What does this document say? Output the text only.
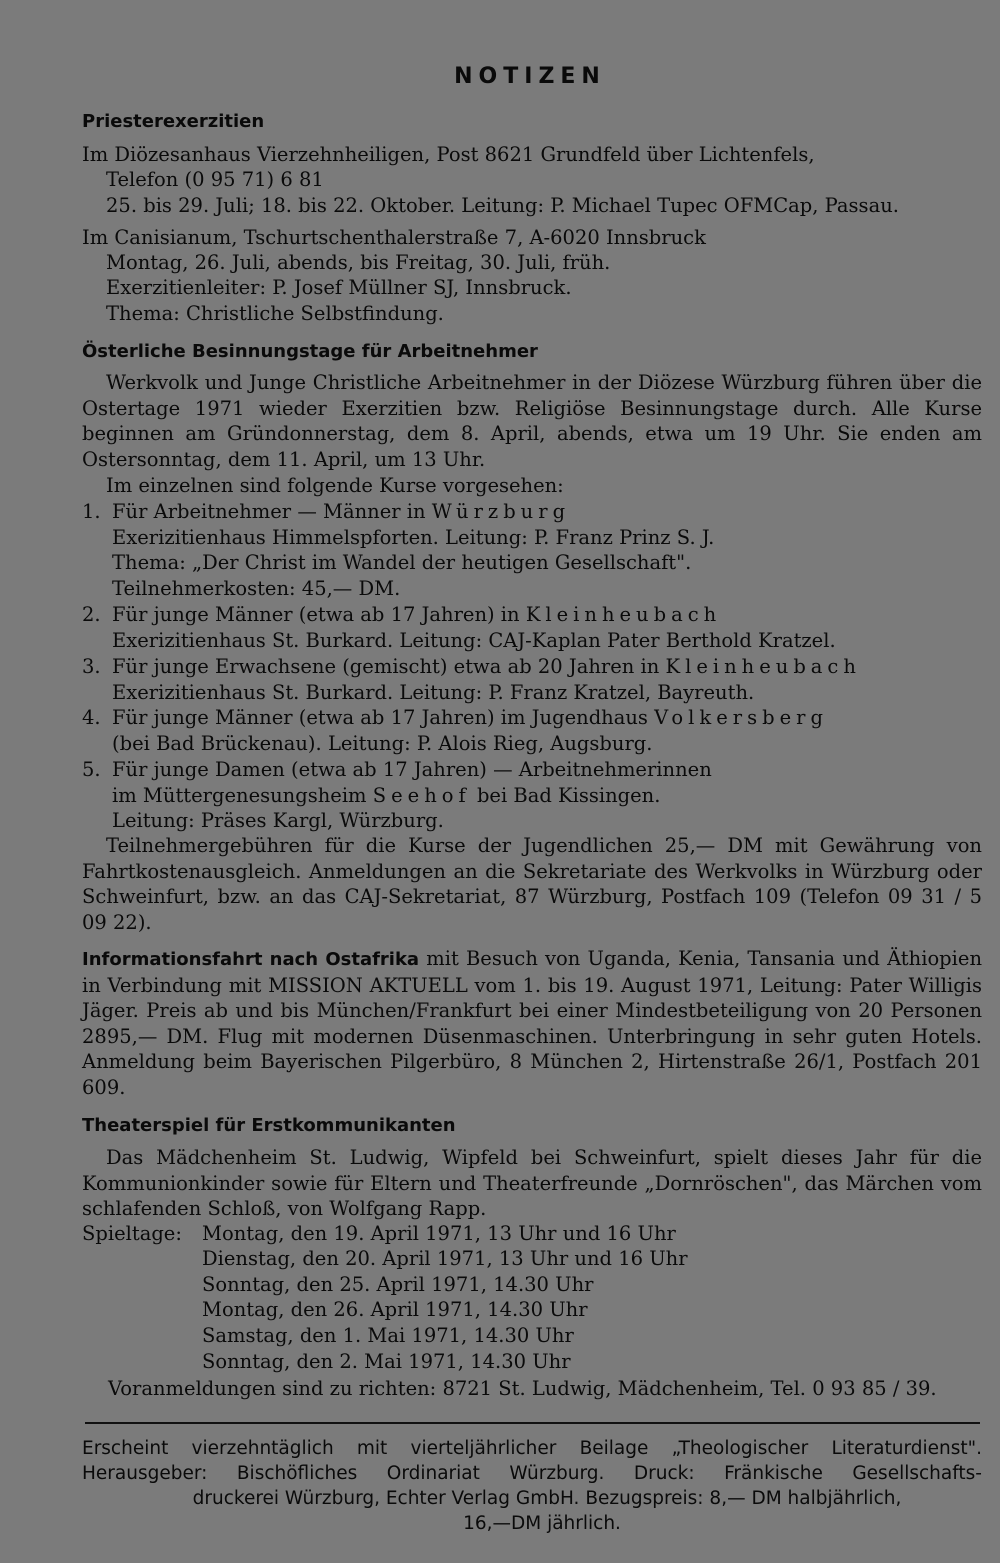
NOTIZEN
Priesterexerzitien
Im Diözesanhaus Vierzehnheiligen, Post 8621 Grundfeld über Lichtenfels,
Telefon (0 95 71) 6 81
25. bis 29. Juli; 18. bis 22. Oktober. Leitung: P. Michael Tupec OFMCap, Passau.
Im Canisianum, Tschurtschenthalerstraße 7, A-6020 Innsbruck
Montag, 26. Juli, abends, bis Freitag, 30. Juli, früh.
Exerzitienleiter: P. Josef Müllner SJ, Innsbruck.
Thema: Christliche Selbstfindung.
Österliche Besinnungstage für Arbeitnehmer
Werkvolk und Junge Christliche Arbeitnehmer in der Diözese Würzburg führen über die Ostertage 1971 wieder Exerzitien bzw. Religiöse Besinnungstage durch. Alle Kurse beginnen am Gründonnerstag, dem 8. April, abends, etwa um 19 Uhr. Sie enden am Ostersonntag, dem 11. April, um 13 Uhr.
Im einzelnen sind folgende Kurse vorgesehen:
1. Für Arbeitnehmer — Männer in Würzburg
Exerizitienhaus Himmelspforten. Leitung: P. Franz Prinz S. J.
Thema: „Der Christ im Wandel der heutigen Gesellschaft".
Teilnehmerkosten: 45,— DM.
2. Für junge Männer (etwa ab 17 Jahren) in Kleinheubach
Exerizitienhaus St. Burkard. Leitung: CAJ-Kaplan Pater Berthold Kratzel.
3. Für junge Erwachsene (gemischt) etwa ab 20 Jahren in Kleinheubach
Exerizitienhaus St. Burkard. Leitung: P. Franz Kratzel, Bayreuth.
4. Für junge Männer (etwa ab 17 Jahren) im Jugendhaus Volkersberg
(bei Bad Brückenau). Leitung: P. Alois Rieg, Augsburg.
5. Für junge Damen (etwa ab 17 Jahren) — Arbeitnehmerinnen
im Müttergenesungsheim Seehof bei Bad Kissingen.
Leitung: Präses Kargl, Würzburg.
Teilnehmergebühren für die Kurse der Jugendlichen 25,— DM mit Gewährung von Fahrtkostenausgleich. Anmeldungen an die Sekretariate des Werkvolks in Würzburg oder Schweinfurt, bzw. an das CAJ-Sekretariat, 87 Würzburg, Postfach 109 (Telefon 09 31 / 5 09 22).
Informationsfahrt nach Ostafrika mit Besuch von Uganda, Kenia, Tansania und Äthiopien in Verbindung mit MISSION AKTUELL vom 1. bis 19. August 1971, Leitung: Pater Willigis Jäger. Preis ab und bis München/Frankfurt bei einer Mindestbeteiligung von 20 Personen 2895,— DM. Flug mit modernen Düsenmaschinen. Unterbringung in sehr guten Hotels. Anmeldung beim Bayerischen Pilgerbüro, 8 München 2, Hirtenstraße 26/1, Postfach 201 609.
Theaterspiel für Erstkommunikanten
Das Mädchenheim St. Ludwig, Wipfeld bei Schweinfurt, spielt dieses Jahr für die Kommunionkinder sowie für Eltern und Theaterfreunde „Dornröschen", das Märchen vom schlafenden Schloß, von Wolfgang Rapp.
Spieltage: Montag, den 19. April 1971, 13 Uhr und 16 Uhr
Dienstag, den 20. April 1971, 13 Uhr und 16 Uhr
Sonntag, den 25. April 1971, 14.30 Uhr
Montag, den 26. April 1971, 14.30 Uhr
Samstag, den 1. Mai 1971, 14.30 Uhr
Sonntag, den 2. Mai 1971, 14.30 Uhr
Voranmeldungen sind zu richten: 8721 St. Ludwig, Mädchenheim, Tel. 0 93 85 / 39.
Erscheint vierzehntäglich mit vierteljährlicher Beilage „Theologischer Literaturdienst".
Herausgeber: Bischöfliches Ordinariat Würzburg. Druck: Fränkische Gesellschafts-
druckerei Würzburg, Echter Verlag GmbH. Bezugspreis: 8,— DM halbjährlich,
16,—DM jährlich.
